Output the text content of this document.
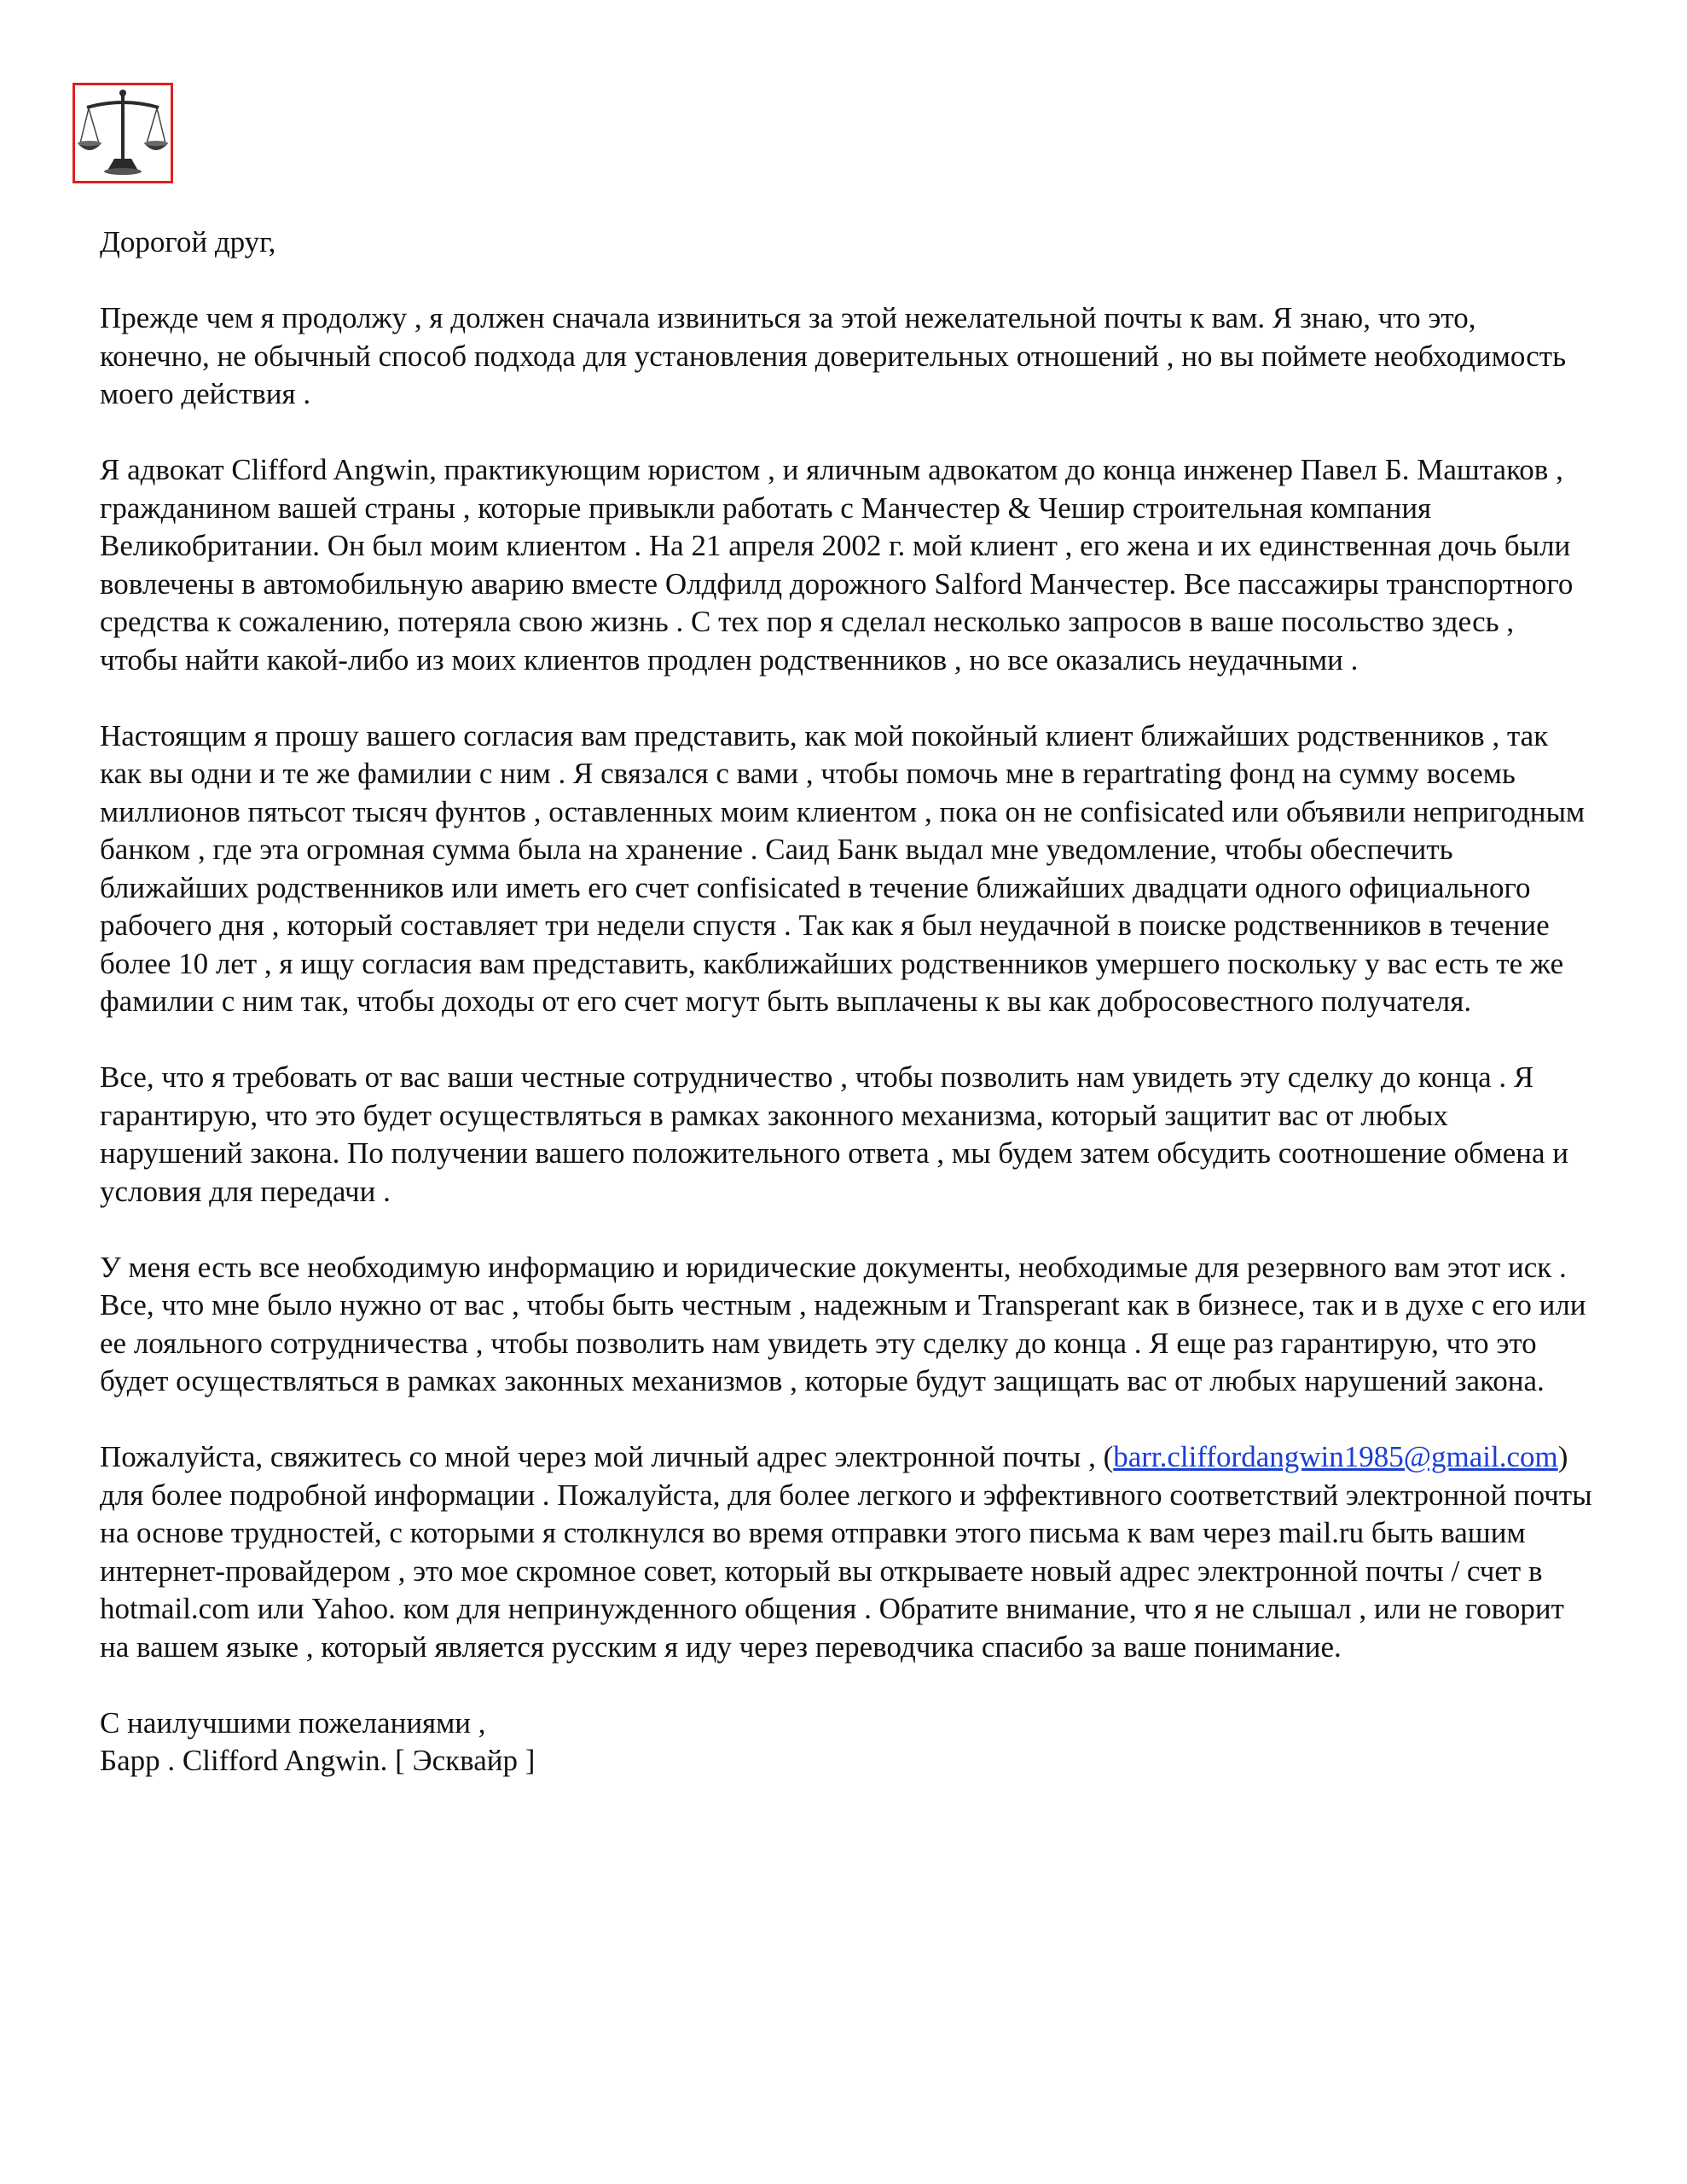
Дорогой друг,

Прежде чем я продолжу , я должен сначала извиниться за этой нежелательной почты к вам. Я знаю, что это, конечно, не обычный способ подхода для установления доверительных отношений , но вы поймете необходимость моего действия .

Я адвокат Clifford Angwin, практикующим юристом , и яличным адвокатом до конца инженер Павел Б. Маштаков , гражданином вашей страны , которые привыкли работать с Манчестер & Чешир строительная компания Великобритании. Он был моим клиентом . На 21 апреля 2002 г. мой клиент , его жена и их единственная дочь были вовлечены в автомобильную аварию вместе Олдфилд дорожного Salford Манчестер. Все пассажиры транспортного средства к сожалению, потеряла свою жизнь . С тех пор я сделал несколько запросов в ваше посольство здесь , чтобы найти какой-либо из моих клиентов продлен родственников , но все оказались неудачными .

Настоящим я прошу вашего согласия вам представить, как мой покойный клиент ближайших родственников , так как вы одни и те же фамилии с ним . Я связался с вами , чтобы помочь мне в repartrating фонд на сумму восемь миллионов пятьсот тысяч фунтов , оставленных моим клиентом , пока он не confisicated или объявили непригодным банком , где эта огромная сумма была на хранение . Саид Банк выдал мне уведомление, чтобы обеспечить ближайших родственников или иметь его счет confisicated в течение ближайших двадцати одного официального рабочего дня , который составляет три недели спустя . Так как я был неудачной в поиске родственников в течение более 10 лет , я ищу согласия вам представить, какближайших родственников умершего поскольку у вас есть те же фамилии с ним так, чтобы доходы от его счет могут быть выплачены к вы как добросовестного получателя.

Все, что я требовать от вас ваши честные сотрудничество , чтобы позволить нам увидеть эту сделку до конца . Я гарантирую, что это будет осуществляться в рамках законного механизма, который защитит вас от любых нарушений закона. По получении вашего положительного ответа , мы будем затем обсудить соотношение обмена и условия для передачи .

У меня есть все необходимую информацию и юридические документы, необходимые для резервного вам этот иск . Все, что мне было нужно от вас , чтобы быть честным , надежным и Transperant как в бизнесе, так и в духе с его или ее лояльного сотрудничества , чтобы позволить нам увидеть эту сделку до конца . Я еще раз гарантирую, что это будет осуществляться в рамках законных механизмов , которые будут защищать вас от любых нарушений закона.

Пожалуйста, свяжитесь со мной через мой личный адрес электронной почты , (barr.cliffordangwin1985@gmail.com) для более подробной информации . Пожалуйста, для более легкого и эффективного соответствий электронной почты на основе трудностей, с которыми я столкнулся во время отправки этого письма к вам через mail.ru быть вашим интернет-провайдером , это мое скромное совет, который вы открываете новый адрес электронной почты / счет в hotmail.com или Yahoo. ком для непринужденного общения . Обратите внимание, что я не слышал , или не говорит на вашем языке , который является русским я иду через переводчика спасибо за ваше понимание.

С наилучшими пожеланиями ,
Барр . Clifford Angwin. [ Эсквайр ]
